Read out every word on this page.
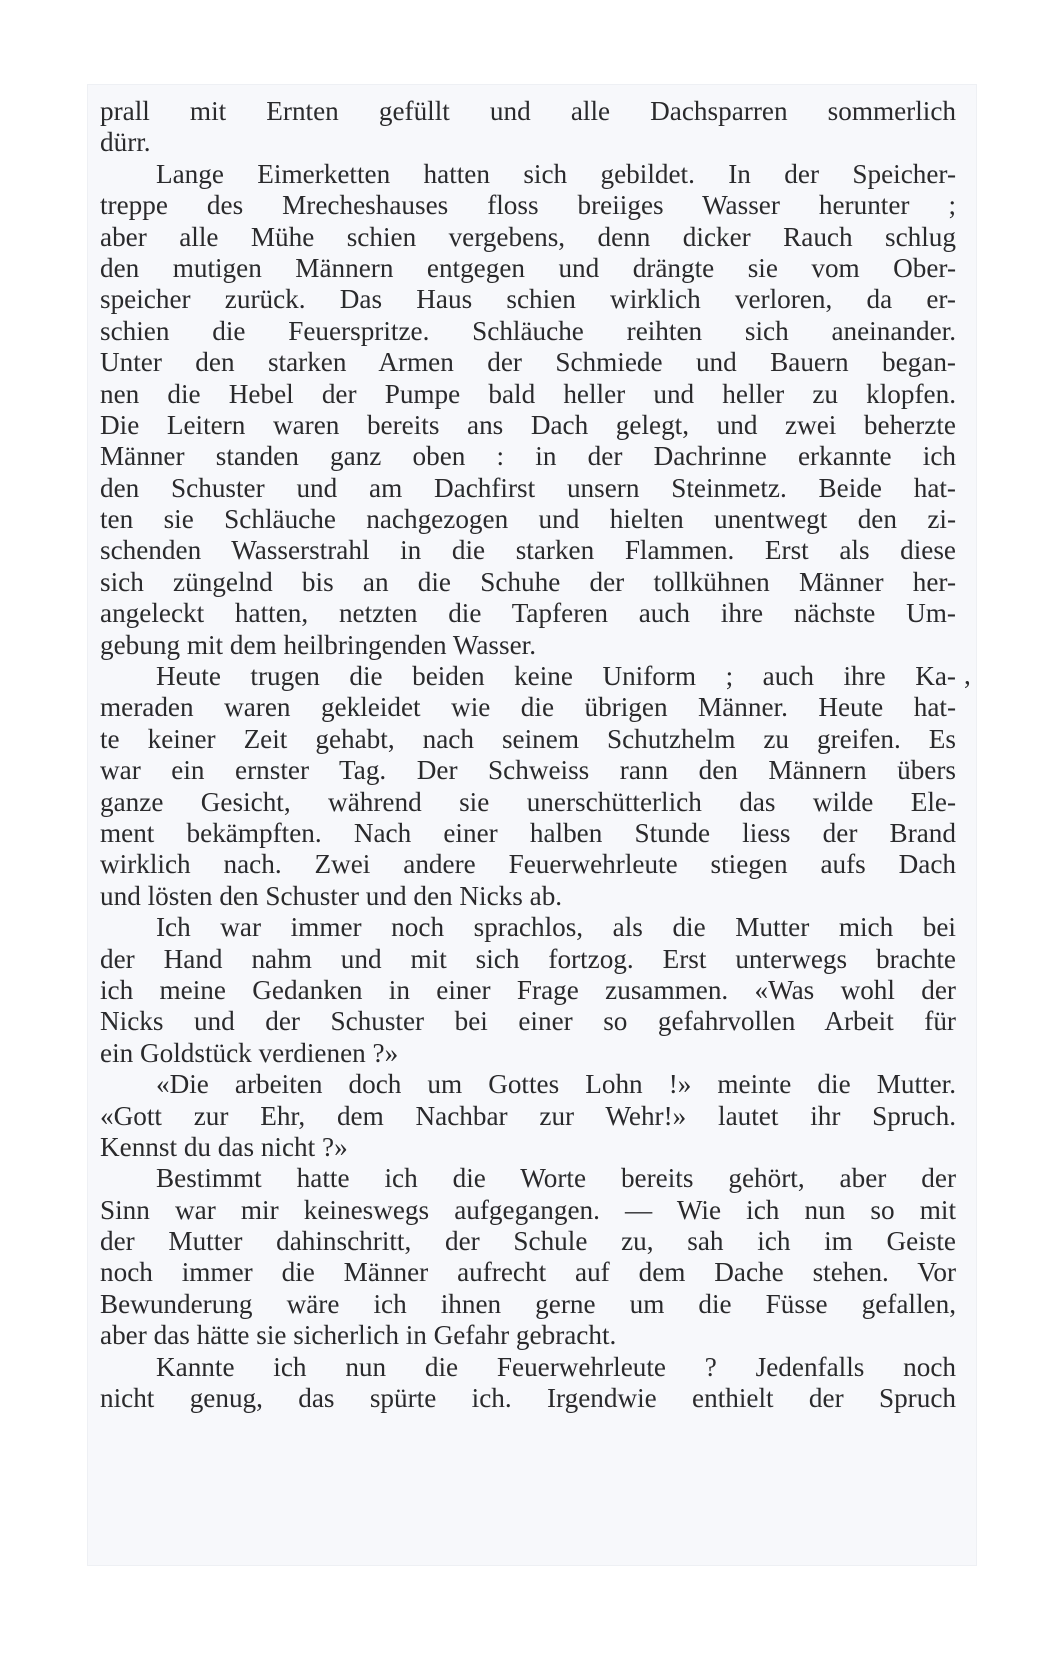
prall mit Ernten gefüllt und alle Dachsparren sommerlich
dürr.

Lange Eimerketten hatten sich gebildet. In der Speicher-
treppe des Mrecheshauses floss breiiges Wasser herunter ;
aber alle Mühe schien vergebens, denn dicker Rauch schlug
den mutigen Männern entgegen und drängte sie vom Ober-
speicher zurück. Das Haus schien wirklich verloren, da er-
schien die Feuerspritze. Schläuche reihten sich aneinander.
Unter den starken Armen der Schmiede und Bauern began-
nen die Hebel der Pumpe bald heller und heller zu klopfen.
Die Leitern waren bereits ans Dach gelegt, und zwei beherzte
Männer standen ganz oben : in der Dachrinne erkannte ich
den Schuster und am Dachfirst unsern Steinmetz. Beide hat-
ten sie Schläuche nachgezogen und hielten unentwegt den zi-
schenden Wasserstrahl in die starken Flammen. Erst als diese
sich züngelnd bis an die Schuhe der tollkühnen Männer her-
angeleckt hatten, netzten die Tapferen auch ihre nächste Um-
gebung mit dem heilbringenden Wasser.

Heute trugen die beiden keine Uniform ; auch ihre Ka-
meraden waren gekleidet wie die übrigen Männer. Heute hat-
te keiner Zeit gehabt, nach seinem Schutzhelm zu greifen. Es
war ein ernster Tag. Der Schweiss rann den Männern übers
ganze Gesicht, während sie unerschütterlich das wilde Ele-
ment bekämpften. Nach einer halben Stunde liess der Brand
wirklich nach. Zwei andere Feuerwehrleute stiegen aufs Dach
und lösten den Schuster und den Nicks ab.

Ich war immer noch sprachlos, als die Mutter mich bei
der Hand nahm und mit sich fortzog. Erst unterwegs brachte
ich meine Gedanken in einer Frage zusammen. «Was wohl der
Nicks und der Schuster bei einer so gefahrvollen Arbeit für
ein Goldstück verdienen ?»

«Die arbeiten doch um Gottes Lohn !» meinte die Mutter.
«Gott zur Ehr, dem Nachbar zur Wehr!» lautet ihr Spruch.
Kennst du das nicht ?»

Bestimmt hatte ich die Worte bereits gehört, aber der
Sinn war mir keineswegs aufgegangen. — Wie ich nun so mit
der Mutter dahinschritt, der Schule zu, sah ich im Geiste
noch immer die Männer aufrecht auf dem Dache stehen. Vor
Bewunderung wäre ich ihnen gerne um die Füsse gefallen,
aber das hätte sie sicherlich in Gefahr gebracht.

Kannte ich nun die Feuerwehrleute ? Jedenfalls noch
nicht genug, das spürte ich. Irgendwie enthielt der Spruch

,
